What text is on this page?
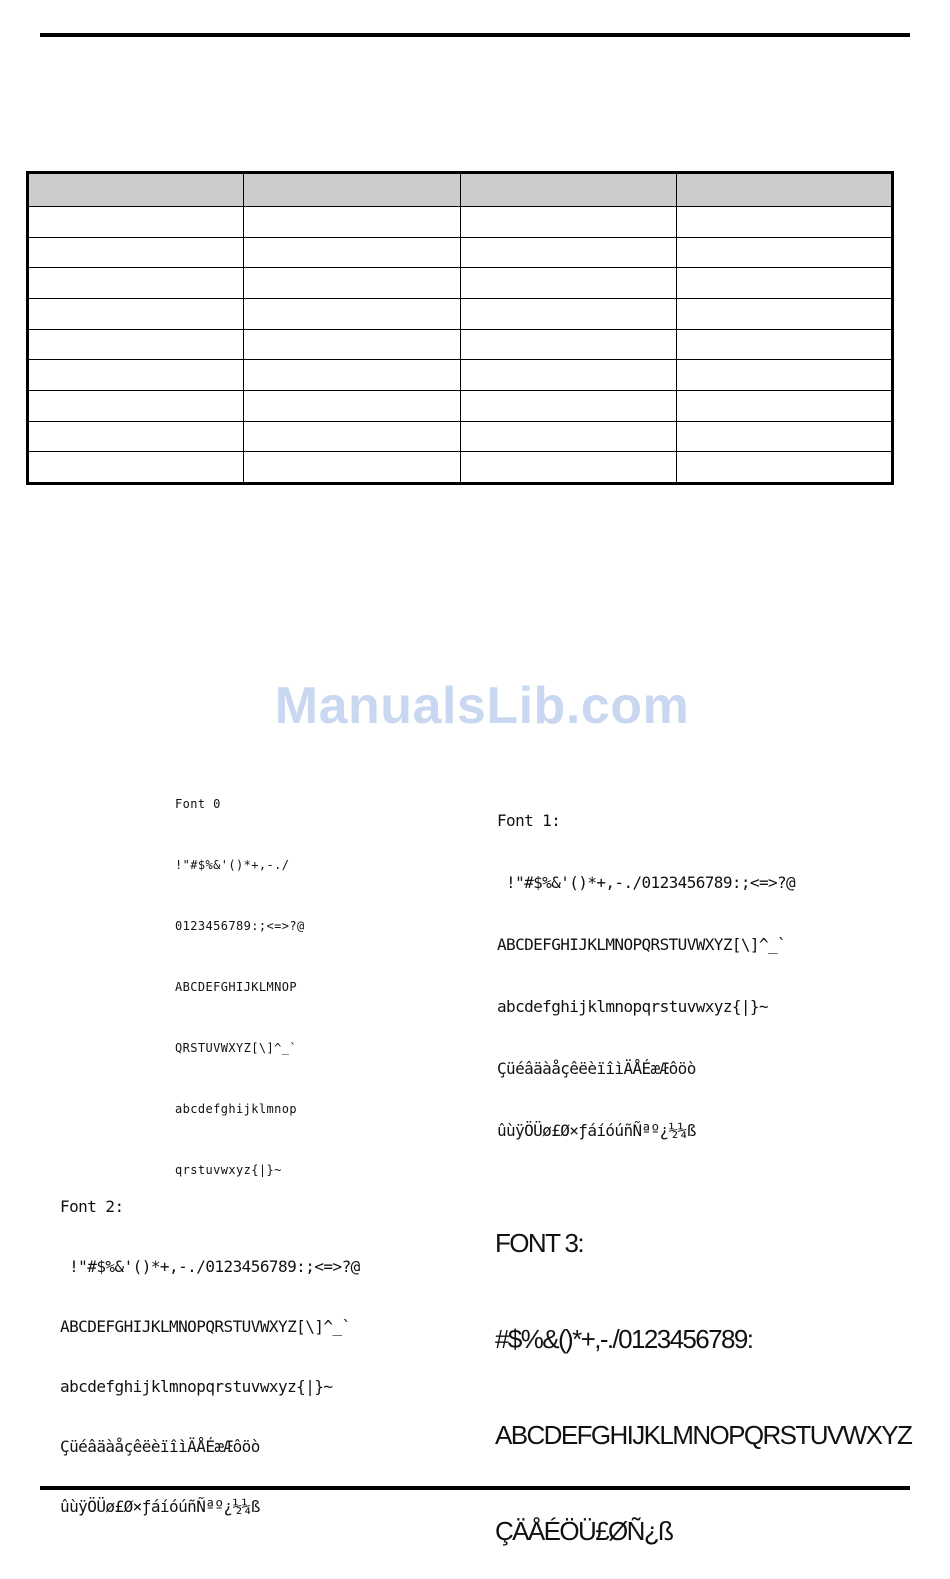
ManualsLib.com

Font 0

!"#$%&'()*+,-./

0123456789:;<=>?@

ABCDEFGHIJKLMNOP

QRSTUVWXYZ[\]^_`

abcdefghijklmnop

qrstuvwxyz{|}~

Font 1:

!"#$%&'()*+,-./0123456789:;<=>?@

ABCDEFGHIJKLMNOPQRSTUVWXYZ[\]^_`

abcdefghijklmnopqrstuvwxyz{|}~

ÇüéâäàåçêëèïîìÄÅÉæÆôöò

ûùÿÖÜø£Ø×ƒáíóúñÑªº¿½¼ß

Font 2:

!"#$%&'()*+,-./0123456789:;<=>?@

ABCDEFGHIJKLMNOPQRSTUVWXYZ[\]^_`

abcdefghijklmnopqrstuvwxyz{|}~

ÇüéâäàåçêëèïîìÄÅÉæÆôöò

ûùÿÖÜø£Ø×ƒáíóúñÑªº¿½¼ß

FONT 3:

#$%&()*+,-./0123456789:

ABCDEFGHIJKLMNOPQRSTUVWXYZ

ÇÄÅÉÖÜ£ØÑ¿ß
